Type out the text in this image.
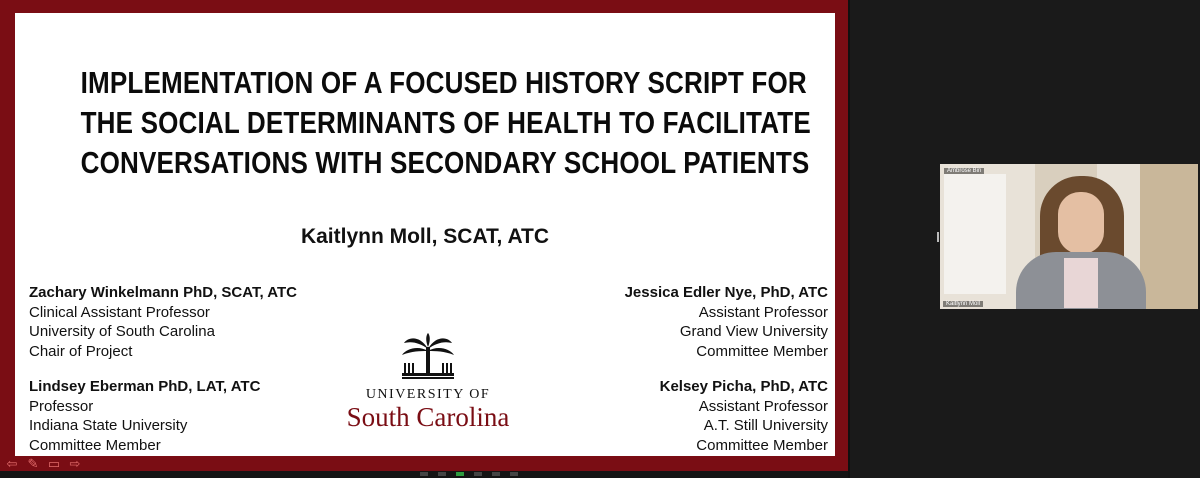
IMPLEMENTATION OF A FOCUSED HISTORY SCRIPT FOR
THE SOCIAL DETERMINANTS OF HEALTH TO FACILITATE
CONVERSATIONS WITH SECONDARY SCHOOL PATIENTS
Kaitlynn Moll, SCAT, ATC
Zachary Winkelmann PhD, SCAT, ATC
Clinical Assistant Professor
University of South Carolina
Chair of Project
Lindsey Eberman PhD, LAT, ATC
Professor
Indiana State University
Committee Member
Jessica Edler Nye, PhD, ATC
Assistant Professor
Grand View University
Committee Member
Kelsey Picha, PhD, ATC
Assistant Professor
A.T. Still University
Committee Member
UNIVERSITY OF
South Carolina
⇦ ✎ ▭ ⇨
Ambrose Bin
Kaitlynn Moll
